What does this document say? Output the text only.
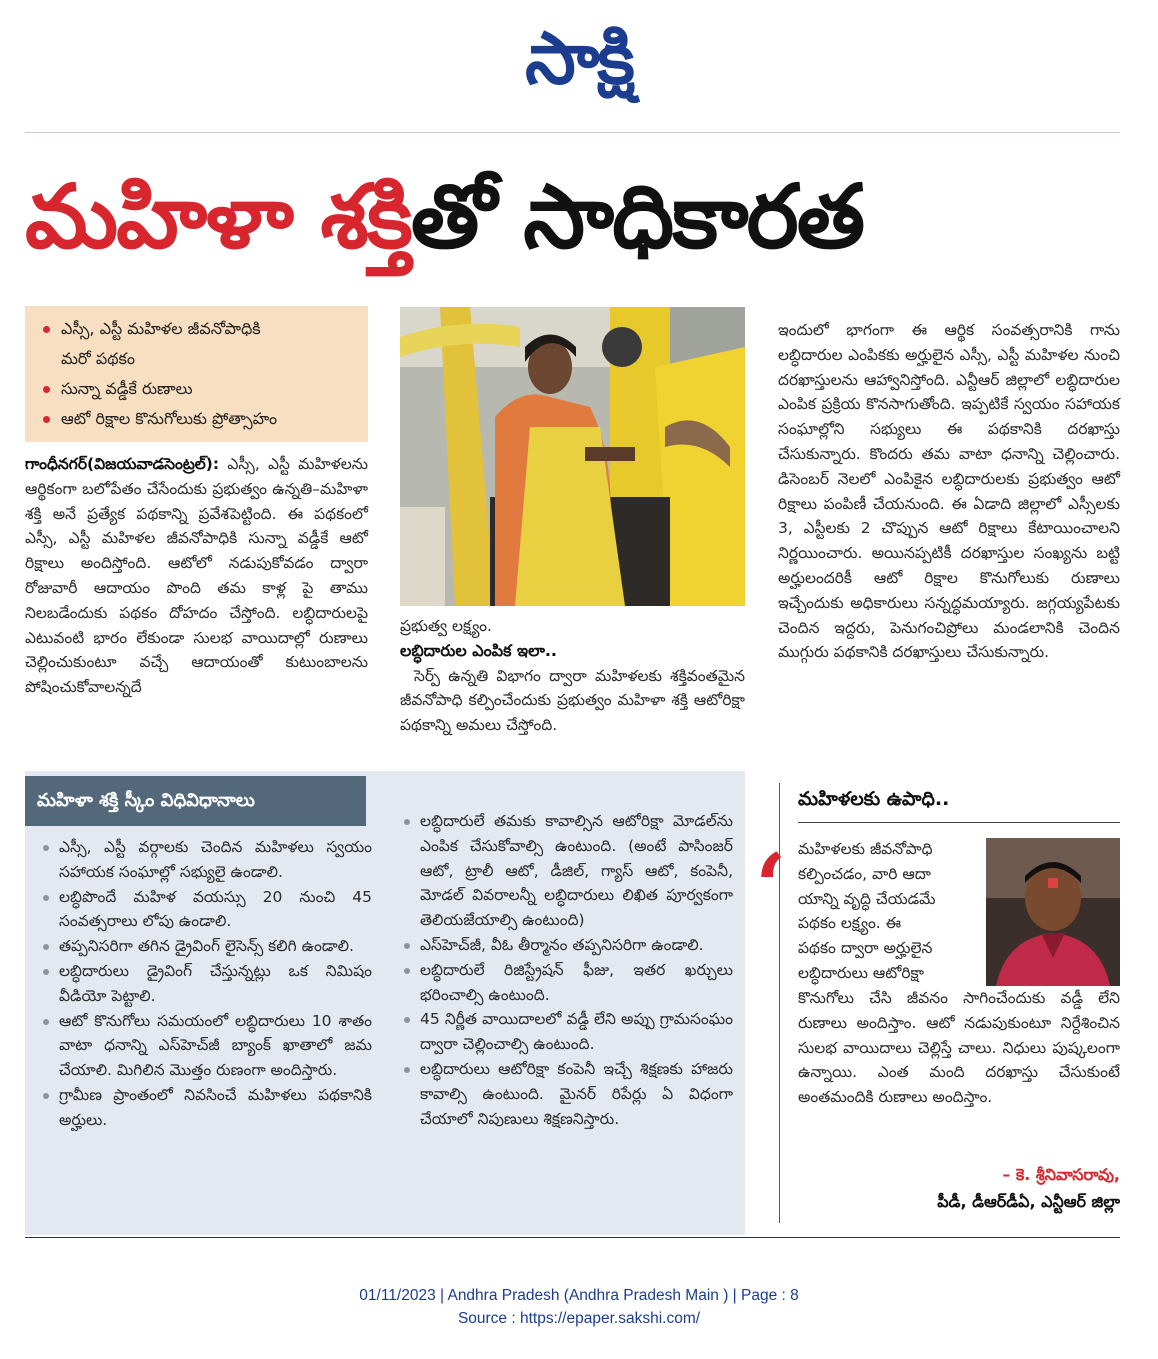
సాక్షి
మహిళా శక్తితో సాధికారత
ఎస్సీ, ఎస్టీ మహిళల జీవనోపాధికి
మరో పథకం
సున్నా వడ్డీకే రుణాలు
ఆటో రిక్షాల కొనుగోలుకు ప్రోత్సాహం

గాంధీనగర్(విజయవాడసెంట్రల్): ఎస్సీ, ఎస్టీ మహిళలను ఆర్థికంగా బలోపేతం చేసేందుకు ప్రభుత్వం ఉన్నతి–మహిళా శక్తి అనే ప్రత్యేక పథకాన్ని ప్రవేశపెట్టింది. ఈ పథకంలో ఎస్సీ, ఎస్టీ మహిళల జీవనోపాధికి సున్నా వడ్డీకే ఆటో రిక్షాలు అందిస్తోంది. ఆటోలో నడుపుకోవడం ద్వారా రోజువారీ ఆదాయం పొంది తమ కాళ్ల పై తాము నిలబడేందుకు పథకం దోహదం చేస్తోంది. లబ్ధిదారులపై ఎటువంటి భారం లేకుండా సులభ వాయిదాల్లో రుణాలు చెల్లించుకుంటూ వచ్చే ఆదాయంతో కుటుంబాలను పోషించుకోవాలన్నదే

ప్రభుత్వ లక్ష్యం.

లబ్ధిదారుల ఎంపిక ఇలా..

సెర్ప్ ఉన్నతి విభాగం ద్వారా మహిళలకు శక్తివంతమైన జీవనోపాధి కల్పించేందుకు ప్రభుత్వం మహిళా శక్తి ఆటోరిక్షా పథకాన్ని అమలు చేస్తోంది.

ఇందులో భాగంగా ఈ ఆర్థిక సంవత్సరానికి గాను లబ్ధిదారుల ఎంపికకు అర్హులైన ఎస్సీ, ఎస్టీ మహిళల నుంచి దరఖాస్తులను ఆహ్వానిస్తోంది. ఎన్టీఆర్ జిల్లాలో లబ్ధిదారుల ఎంపిక ప్రక్రియ కొనసాగుతోంది. ఇప్పటికే స్వయం సహాయక సంఘాల్లోని సభ్యులు ఈ పథకానికి దరఖాస్తు చేసుకున్నారు. కొందరు తమ వాటా ధనాన్ని చెల్లించారు. డిసెంబర్ నెలలో ఎంపికైన లబ్ధిదారులకు ప్రభుత్వం ఆటో రిక్షాలు పంపిణీ చేయనుంది. ఈ ఏడాది జిల్లాలో ఎస్సీలకు 3, ఎస్టీలకు 2 చొప్పున ఆటో రిక్షాలు కేటాయించాలని నిర్ణయించారు. అయినప్పటికీ దరఖాస్తుల సంఖ్యను బట్టి అర్హులందరికీ ఆటో రిక్షాల కొనుగోలుకు రుణాలు ఇచ్చేందుకు అధికారులు సన్నద్ధమయ్యారు. జగ్గయ్యపేటకు చెందిన ఇద్దరు, పెనుగంచిప్రోలు మండలానికి చెందిన ముగ్గురు పథకానికి దరఖాస్తులు చేసుకున్నారు.

మహిళా శక్తి స్కీం విధివిధానాలు
ఎస్సీ, ఎస్టీ వర్గాలకు చెందిన మహిళలు స్వయం సహాయక సంఘాల్లో సభ్యులై ఉండాలి.
లబ్ధిపొందే మహిళ వయస్సు 20 నుంచి 45 సంవత్సరాలు లోపు ఉండాలి.
తప్పనిసరిగా తగిన డ్రైవింగ్ లైసెన్స్ కలిగి ఉండాలి.
లబ్ధిదారులు డ్రైవింగ్ చేస్తున్నట్లు ఒక నిమిషం వీడియో పెట్టాలి.
ఆటో కొనుగోలు సమయంలో లబ్ధిదారులు 10 శాతం వాటా ధనాన్ని ఎస్‌హెచ్‌జీ బ్యాంక్ ఖాతాలో జమ చేయాలి. మిగిలిన మొత్తం రుణంగా అందిస్తారు.
గ్రామీణ ప్రాంతంలో నివసించే మహిళలు పథకానికి అర్హులు.
లబ్ధిదారులే తమకు కావాల్సిన ఆటోరిక్షా మోడల్‌ను ఎంపిక చేసుకోవాల్సి ఉంటుంది. (అంటే పాసింజర్ ఆటో, ట్రాలీ ఆటో, డీజిల్, గ్యాస్ ఆటో, కంపెనీ, మోడల్ వివరాలన్నీ లబ్ధిదారులు లిఖిత పూర్వకంగా తెలియజేయాల్సి ఉంటుంది)
ఎస్‌హెచ్‌జీ, వీఓ తీర్మానం తప్పనిసరిగా ఉండాలి.
లబ్ధిదారులే రిజిస్ట్రేషన్ ఫీజు, ఇతర ఖర్చులు భరించాల్సి ఉంటుంది.
45 నిర్ణీత వాయిదాలలో వడ్డీ లేని అప్పు గ్రామసంఘం ద్వారా చెల్లించాల్సి ఉంటుంది.
లబ్ధిదారులు ఆటోరిక్షా కంపెనీ ఇచ్చే శిక్షణకు హాజరు కావాల్సి ఉంటుంది. మైనర్ రిపేర్లు ఏ విధంగా చేయాలో నిపుణులు శిక్షణనిస్తారు.
మహిళలకు ఉపాధి..
‘ మహిళలకు జీవనోపాధి
కల్పించడం, వారి ఆదా
యాన్ని వృద్ధి చేయడమే
పథకం లక్ష్యం. ఈ
పథకం ద్వారా అర్హులైన
లబ్ధిదారులు ఆటోరిక్షా

కొనుగోలు చేసి జీవనం సాగించేందుకు వడ్డీ లేని రుణాలు అందిస్తాం. ఆటో నడుపుకుంటూ నిర్దేశించిన సులభ వాయిదాలు చెల్లిస్తే చాలు. నిధులు పుష్కలంగా ఉన్నాయి. ఎంత మంది దరఖాస్తు చేసుకుంటే అంతమందికి రుణాలు అందిస్తాం.

– కె. శ్రీనివాసరావు,
పీడీ, డీఆర్‌డీఏ, ఎన్టీఆర్ జిల్లా
01/11/2023 | Andhra Pradesh (Andhra Pradesh Main ) | Page : 8
Source : https://epaper.sakshi.com/
